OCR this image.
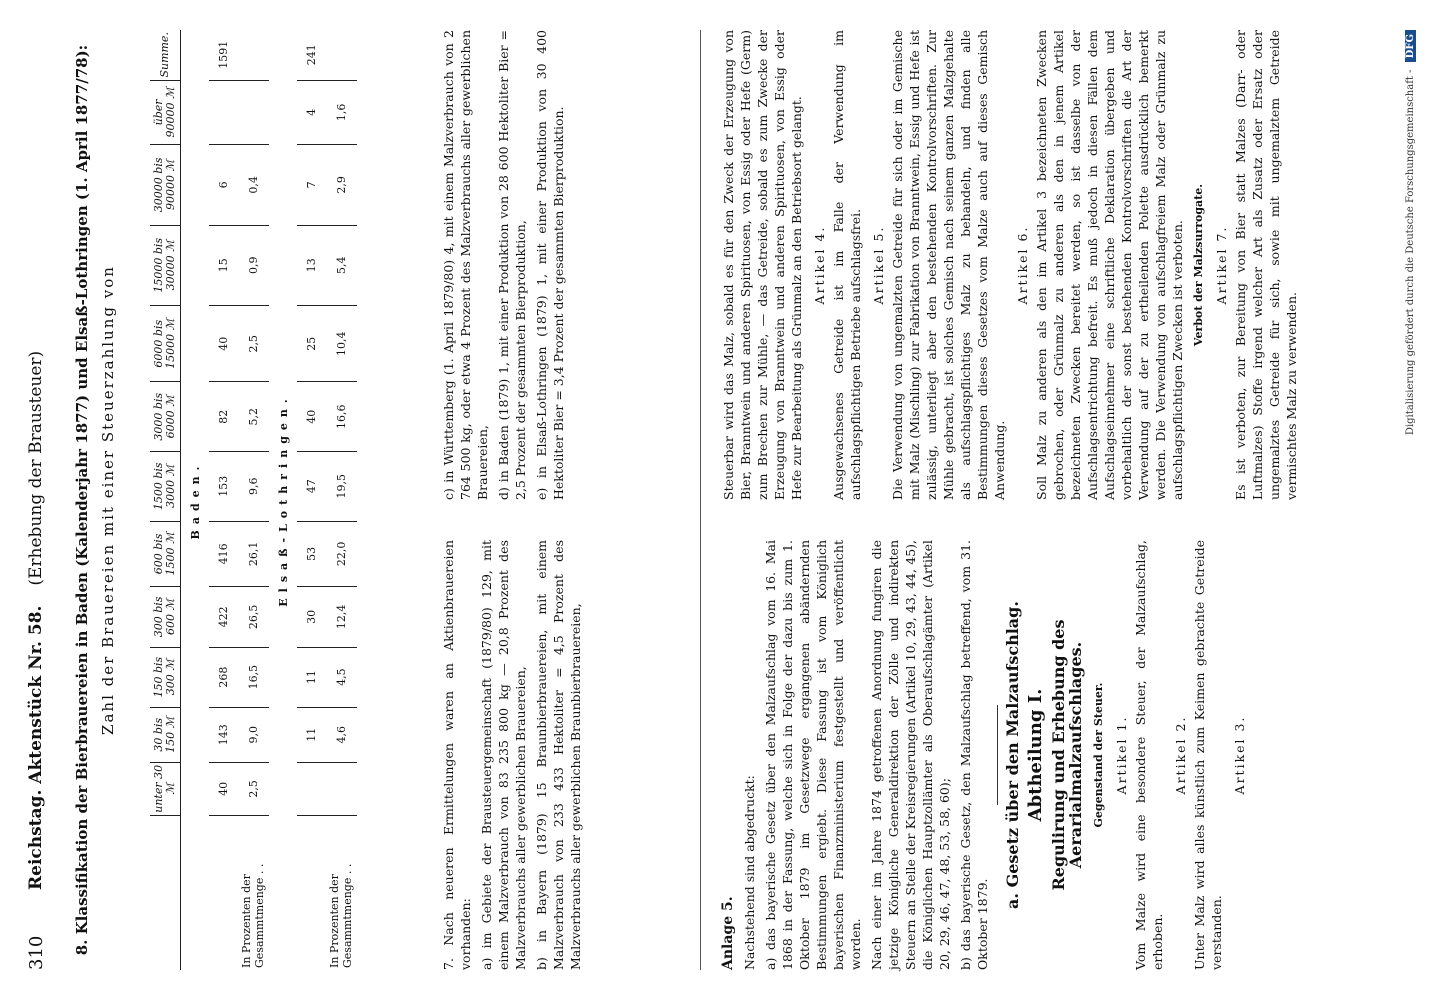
310
Reichstag. Aktenstück Nr. 58. (Erhebung der Brausteuer) 8. Klassifikation der Bierbrauereien in Baden (Kalenderjahr 1877) und Elsaß-Lothringen (1. April 1877/78): Zahl der Brauereien mit einer Steuerzahlung von
	unter 30 ℳ	30 bis 150 ℳ	150 bis 300 ℳ	300 bis 600 ℳ	600 bis 1500 ℳ	1500 bis 3000 ℳ	3000 bis 6000 ℳ	6000 bis 15000 ℳ	15000 bis 30000 ℳ	30000 bis 90000 ℳ	über 90000 ℳ	Summe.
Baden.												
	40	143	268	422	416	153	82	40	15	6		1591
In Prozenten der Gesammtmenge . .	2,5	9,0	16,5	26,5	26,1	9,6	5,2	2,5	0,9	0,4		
Elsaß-Lothringen.												
		11	11	30	53	47	40	25	13	7	4	241
In Prozenten der Gesammtmenge . .		4,6	4,5	12,4	22,0	19,5	16,6	10,4	5,4	2,9	1,6	

7. Nach neueren Ermittelungen waren an Aktienbrauereien vorhanden: a) im Gebiete der Brausteuergemeinschaft (1879/80) 129, mit einem Malzverbrauch von 83 235 800 kg — 20,8 Prozent des Malzverbrauchs aller gewerblichen Brauereien, b) in Bayern (1879) 15 Braunbierbrauereien, mit einem Malzverbrauch von 233 433 Hektoliter = 4,5 Prozent des Malzverbrauchs aller gewerblichen Braunbierbrauereien,

c) in Württemberg (1. April 1879/80) 4, mit einem Malzverbrauch von 2 764 500 kg, oder etwa 4 Prozent des Malzverbrauchs aller gewerblichen Brauereien, d) in Baden (1879) 1, mit einer Produktion von 28 600 Hektoliter Bier = 2,5 Prozent der gesammten Bierproduktion, e) in Elsaß-Lothringen (1879) 1, mit einer Produktion von 30 400 Hektoliter Bier = 3,4 Prozent der gesammten Bierproduktion.

Anlage 5. Nachstehend sind abgedruckt: a) das bayerische Gesetz über den Malzaufschlag vom 16. Mai 1868 in der Fassung, welche sich in Folge der dazu bis zum 1. Oktober 1879 im Gesetzwege ergangenen abändernden Bestimmungen ergiebt. Diese Fassung ist vom Königlich bayerischen Finanzministerium festgestellt und veröffentlicht worden. Nach einer im Jahre 1874 getroffenen Anordnung fungiren die jetzige Königliche Generaldirektion der Zölle und indirekten Steuern an Stelle der Kreisregierungen (Artikel 10, 29, 43, 44, 45), die Königlichen Hauptzollämter als Oberaufschlagämter (Artikel 20, 29, 46, 47, 48, 53, 58, 60); b) das bayerische Gesetz, den Malzaufschlag betreffend, vom 31. Oktober 1879.

a. Gesetz über den Malzaufschlag. Abtheilung I. Regulirung und Erhebung des Aerarialmalzaufschlages. Gegenstand der Steuer. Artikel 1. Vom Malze wird eine besondere Steuer, der Malzaufschlag, erhoben.

Artikel 2. Unter Malz wird alles künstlich zum Keimen gebrachte Getreide verstanden.

Artikel 3.

Steuerbar wird das Malz, sobald es für den Zweck der Erzeugung von Bier, Branntwein und anderen Spirituosen, von Essig oder Hefe (Germ) zum Brechen zur Mühle, — das Getreide, sobald es zum Zwecke der Erzeugung von Branntwein und anderen Spirituosen, von Essig oder Hefe zur Bearbeitung als Grünmalz an den Betriebsort gelangt. Artikel 4. Ausgewachsenes Getreide ist im Falle der Verwendung im aufschlagspflichtigen Betriebe aufschlagsfrei. Artikel 5. Die Verwendung von ungemalzten Getreide für sich oder im Gemische mit Malz (Mischling) zur Fabrikation von Branntwein, Essig und Hefe ist zulässig, unterliegt aber den bestehenden Kontrolvorschriften. Zur Mühle gebracht, ist solches Gemisch nach seinem ganzen Malzgehalte als aufschlagspflichtiges Malz zu behandeln, und finden alle Bestimmungen dieses Gesetzes vom Malze auch auf dieses Gemisch Anwendung.

Artikel 6. Soll Malz zu anderen als den im Artikel 3 bezeichneten Zwecken gebrochen, oder Grünmalz zu anderen als den in jenem Artikel bezeichneten Zwecken bereitet werden, so ist dasselbe von der Aufschlagsentrichtung befreit. Es muß jedoch in diesen Fällen dem Aufschlagseinnehmer eine schriftliche Deklaration übergeben und vorbehaltlich der sonst bestehenden Kontrolvorschriften die Art der Verwendung auf der zu ertheilenden Polette ausdrücklich bemerkt werden. Die Verwendung von aufschlagfreiem Malz oder Grünmalz zu aufschlagspflichtigen Zwecken ist verboten. Verbot der Malzsurrogate. Artikel 7. Es ist verboten, zur Bereitung von Bier statt Malzes (Darr- oder Luftmalzes) Stoffe irgend welcher Art als Zusatz oder Ersatz oder ungemalztes Getreide für sich, sowie mit ungemalztem Getreide vermischtes Malz zu verwenden.	Digitalisierung gefördert durch die Deutsche Forschungsgemeinschaft - DFG
